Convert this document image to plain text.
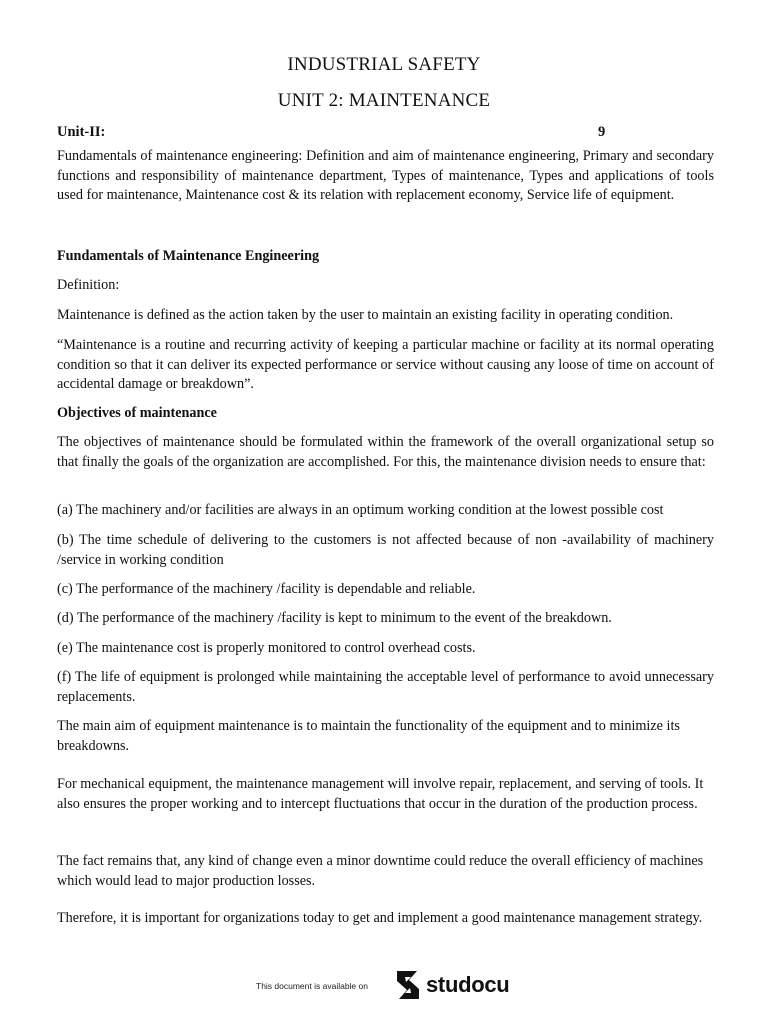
INDUSTRIAL SAFETY
UNIT 2: MAINTENANCE
Unit-II:	9

Fundamentals of maintenance engineering: Definition and aim of maintenance engineering, Primary and secondary functions and responsibility of maintenance department, Types of maintenance, Types and applications of tools used for maintenance, Maintenance cost & its relation with replacement economy, Service life of equipment.

Fundamentals of Maintenance Engineering

Definition:

Maintenance is defined as the action taken by the user to maintain an existing facility in operating condition.

“Maintenance is a routine and recurring activity of keeping a particular machine or facility at its normal operating condition so that it can deliver its expected performance or service without causing any loose of time on account of accidental damage or breakdown”.

Objectives of maintenance

The objectives of maintenance should be formulated within the framework of the overall organizational setup so that finally the goals of the organization are accomplished. For this, the maintenance division needs to ensure that:

(a) The machinery and/or facilities are always in an optimum working condition at the lowest possible cost

(b) The time schedule of delivering to the customers is not affected because of non -availability of machinery /service in working condition

(c) The performance of the machinery /facility is dependable and reliable.

(d) The performance of the machinery /facility is kept to minimum to the event of the breakdown.

(e) The maintenance cost is properly monitored to control overhead costs.

(f) The life of equipment is prolonged while maintaining the acceptable level of performance to avoid unnecessary replacements.

The main aim of equipment maintenance is to maintain the functionality of the equipment and to minimize its breakdowns.

For mechanical equipment, the maintenance management will involve repair, replacement, and serving of tools. It also ensures the proper working and to intercept fluctuations that occur in the duration of the production process.

The fact remains that, any kind of change even a minor downtime could reduce the overall efficiency of machines which would lead to major production losses.

Therefore, it is important for organizations today to get and implement a good maintenance management strategy.

This document is available on	studocu
